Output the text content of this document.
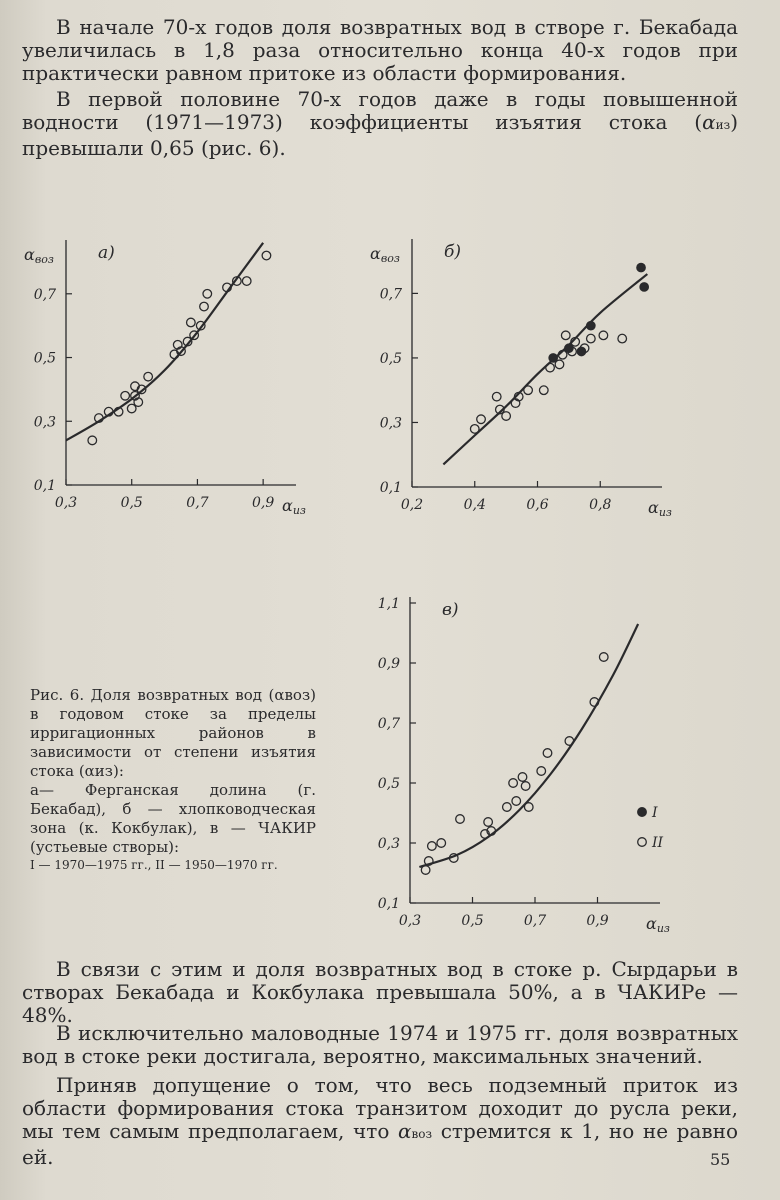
В начале 70-х годов доля возвратных вод в створе г. Бекабада увеличилась в 1,8 раза относительно конца 40-х годов при практически равном притоке из области формирования.

В первой половине 70-х годов даже в годы повышенной водности (1971—1973) коэффициенты изъятия стока (αиз) превышали 0,65 (рис. 6).

0,3	0,5	0,7	0,9
0,1
0,3
0,5
0,7
αвоз
αиз
а)
0,2	0,4	0,6	0,8
0,1
0,3
0,5
0,7
αвоз
αиз
б)
0,3	0,5	0,7	0,9
0,1
0,3
0,5
0,7
0,9
1,1
αиз
в)
I
II
Рис. 6. Доля возвратных вод (αвоз) в годовом стоке за пределы ирригационных районов в зависимости от степени изъятия стока (αиз):
а— Ферганская долина (г. Бекабад), б — хлопководческая зона (к. Кокбулак), в — ЧАКИР (устьевые створы):
I — 1970—1975 гг., II — 1950—1970 гг.

В связи с этим и доля возвратных вод в стоке р. Сырдарьи в створах Бекабада и Кокбулака превышала 50%, а в ЧАКИРе — 48%.

В исключительно маловодные 1974 и 1975 гг. доля возвратных вод в стоке реки достигала, вероятно, максимальных значений.

Приняв допущение о том, что весь подземный приток из области формирования стока транзитом доходит до русла реки, мы тем самым предполагаем, что αвоз стремится к 1, но не равно ей.	55
